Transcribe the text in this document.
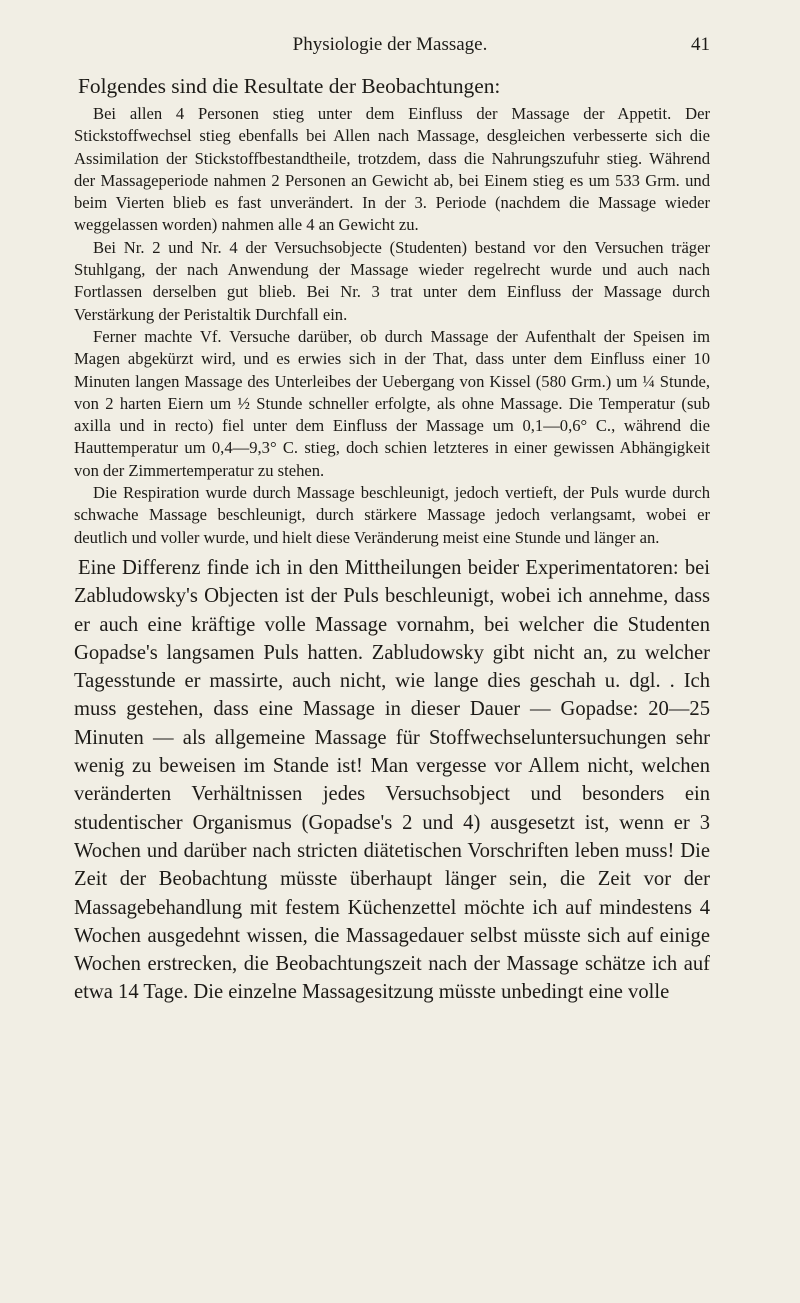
Physiologie der Massage.	41

Folgendes sind die Resultate der Beobachtungen:

Bei allen 4 Personen stieg unter dem Einfluss der Massage der Appetit. Der Stickstoffwechsel stieg ebenfalls bei Allen nach Massage, desgleichen verbesserte sich die Assimilation der Stickstoffbestandtheile, trotzdem, dass die Nahrungszufuhr stieg. Während der Massageperiode nahmen 2 Personen an Gewicht ab, bei Einem stieg es um 533 Grm. und beim Vierten blieb es fast unverändert. In der 3. Periode (nachdem die Massage wieder weggelassen worden) nahmen alle 4 an Gewicht zu.

Bei Nr. 2 und Nr. 4 der Versuchsobjecte (Studenten) bestand vor den Versuchen träger Stuhlgang, der nach Anwendung der Massage wieder regelrecht wurde und auch nach Fortlassen derselben gut blieb. Bei Nr. 3 trat unter dem Einfluss der Massage durch Verstärkung der Peristaltik Durchfall ein.

Ferner machte Vf. Versuche darüber, ob durch Massage der Aufenthalt der Speisen im Magen abgekürzt wird, und es erwies sich in der That, dass unter dem Einfluss einer 10 Minuten langen Massage des Unterleibes der Uebergang von Kissel (580 Grm.) um ¼ Stunde, von 2 harten Eiern um ½ Stunde schneller erfolgte, als ohne Massage. Die Temperatur (sub axilla und in recto) fiel unter dem Einfluss der Massage um 0,1—0,6° C., während die Hauttemperatur um 0,4—9,3° C. stieg, doch schien letzteres in einer gewissen Abhängigkeit von der Zimmertemperatur zu stehen.

Die Respiration wurde durch Massage beschleunigt, jedoch vertieft, der Puls wurde durch schwache Massage beschleunigt, durch stärkere Massage jedoch verlangsamt, wobei er deutlich und voller wurde, und hielt diese Veränderung meist eine Stunde und länger an.

Eine Differenz finde ich in den Mittheilungen beider Experimentatoren: bei Zabludowsky's Objecten ist der Puls beschleunigt, wobei ich annehme, dass er auch eine kräftige volle Massage vornahm, bei welcher die Studenten Gopadse's langsamen Puls hatten. Zabludowsky gibt nicht an, zu welcher Tagesstunde er massirte, auch nicht, wie lange dies geschah u. dgl. . Ich muss gestehen, dass eine Massage in dieser Dauer — Gopadse: 20—25 Minuten — als allgemeine Massage für Stoffwechseluntersuchungen sehr wenig zu beweisen im Stande ist! Man vergesse vor Allem nicht, welchen veränderten Verhältnissen jedes Versuchsobject und besonders ein studentischer Organismus (Gopadse's 2 und 4) ausgesetzt ist, wenn er 3 Wochen und darüber nach stricten diätetischen Vorschriften leben muss! Die Zeit der Beobachtung müsste überhaupt länger sein, die Zeit vor der Massagebehandlung mit festem Küchenzettel möchte ich auf mindestens 4 Wochen ausgedehnt wissen, die Massagedauer selbst müsste sich auf einige Wochen erstrecken, die Beobachtungszeit nach der Massage schätze ich auf etwa 14 Tage. Die einzelne Massagesitzung müsste unbedingt eine volle
